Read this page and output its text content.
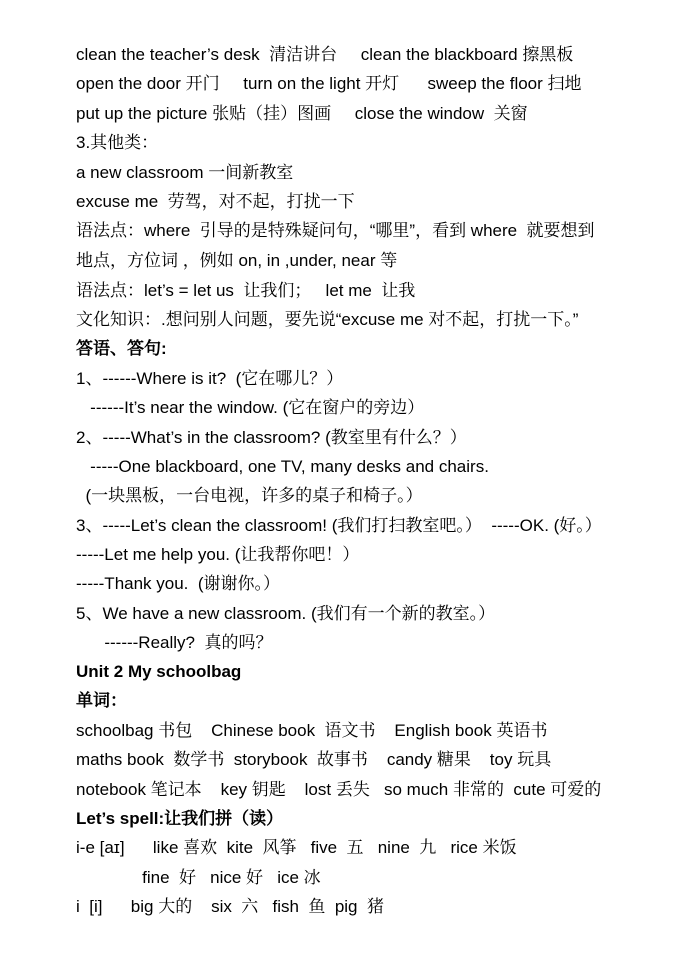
clean the teacher’s desk  清洁讲台     clean the blackboard 擦黑板
open the door 开门     turn on the light 开灯      sweep the floor 扫地
put up the picture 张贴（挂）图画     close the window  关窗
3.其他类：
a new classroom 一间新教室
excuse me  劳驾，对不起，打扰一下
语法点：where  引导的是特殊疑问句，“哪里”，看到 where  就要想到
地点，方位词 ，例如 on, in ,under, near 等
语法点：let’s = let us  让我们；   let me  让我
文化知识：.想问别人问题，要先说“excuse me 对不起，打扰一下。”
答语、答句:
1、------Where is it?  (它在哪儿？）
------It’s near the window. (它在窗户的旁边）
2、-----What’s in the classroom? (教室里有什么？）
-----One blackboard, one TV, many desks and chairs.
(一块黑板，一台电视，许多的桌子和椅子。）
3、-----Let’s clean the classroom! (我们打扫教室吧。）  -----OK. (好。）
-----Let me help you. (让我帮你吧！）
-----Thank you.  (谢谢你。）
5、We have a new classroom. (我们有一个新的教室。）
------Really?  真的吗？
Unit 2 My schoolbag
单词：
schoolbag 书包    Chinese book  语文书    English book 英语书
maths book  数学书  storybook  故事书    candy 糖果    toy 玩具
notebook 笔记本    key 钥匙    lost 丢失   so much 非常的  cute 可爱的
Let’s spell:让我们拼（读）
i-e [aɪ]      like 喜欢  kite  风筝   five  五   nine  九   rice 米饭
fine  好   nice 好   ice 冰
i  [i]      big 大的    six  六   fish  鱼  pig  猪
